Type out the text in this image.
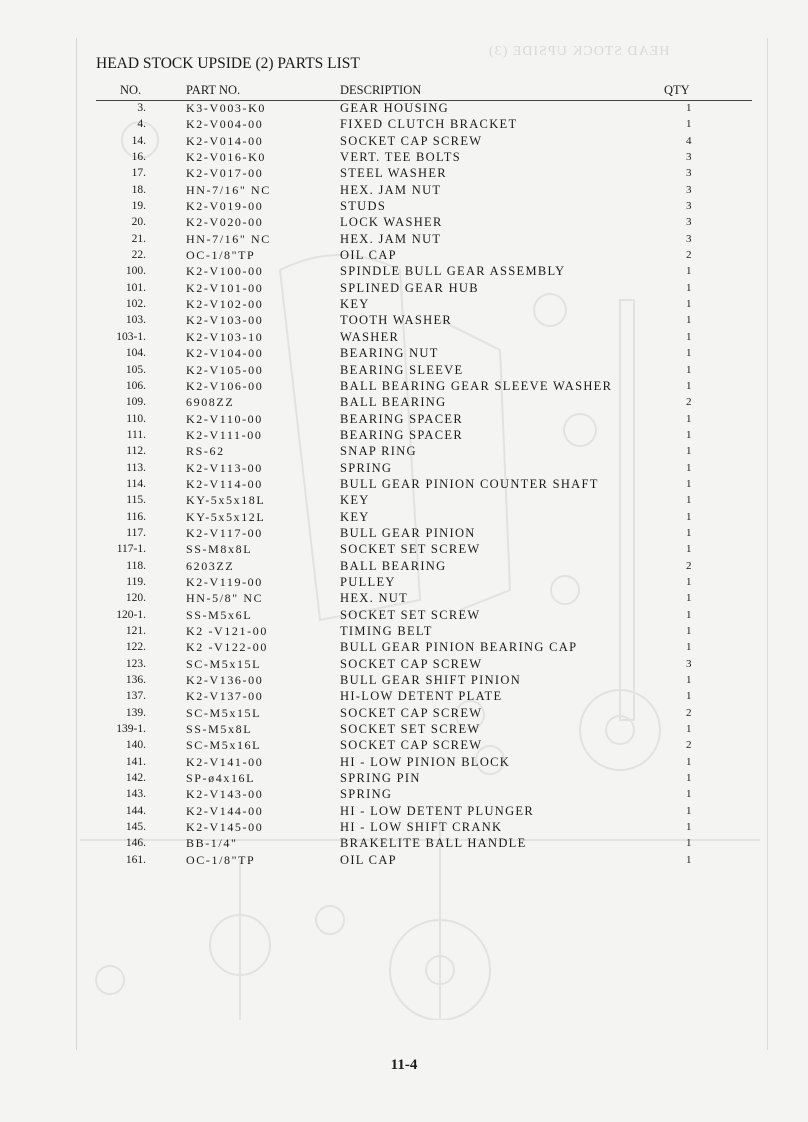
HEAD STOCK UPSIDE (3)
HEAD STOCK UPSIDE (2) PARTS LIST
NO.	PART NO.	DESCRIPTION	QTY
3.	K3-V003-K0	GEAR HOUSING	1
4.	K2-V004-00	FIXED CLUTCH BRACKET	1
14.	K2-V014-00	SOCKET CAP SCREW	4
16.	K2-V016-K0	VERT. TEE BOLTS	3
17.	K2-V017-00	STEEL WASHER	3
18.	HN-7/16" NC	HEX. JAM NUT	3
19.	K2-V019-00	STUDS	3
20.	K2-V020-00	LOCK WASHER	3
21.	HN-7/16" NC	HEX. JAM NUT	3
22.	OC-1/8"TP	OIL CAP	2
100.	K2-V100-00	SPINDLE BULL GEAR ASSEMBLY	1
101.	K2-V101-00	SPLINED GEAR HUB	1
102.	K2-V102-00	KEY	1
103.	K2-V103-00	TOOTH WASHER	1
103-1.	K2-V103-10	WASHER	1
104.	K2-V104-00	BEARING NUT	1
105.	K2-V105-00	BEARING SLEEVE	1
106.	K2-V106-00	BALL BEARING GEAR SLEEVE WASHER	1
109.	6908ZZ	BALL BEARING	2
110.	K2-V110-00	BEARING SPACER	1
111.	K2-V111-00	BEARING SPACER	1
112.	RS-62	SNAP RING	1
113.	K2-V113-00	SPRING	1
114.	K2-V114-00	BULL GEAR PINION COUNTER SHAFT	1
115.	KY-5x5x18L	KEY	1
116.	KY-5x5x12L	KEY	1
117.	K2-V117-00	BULL GEAR PINION	1
117-1.	SS-M8x8L	SOCKET SET SCREW	1
118.	6203ZZ	BALL BEARING	2
119.	K2-V119-00	PULLEY	1
120.	HN-5/8" NC	HEX. NUT	1
120-1.	SS-M5x6L	SOCKET SET SCREW	1
121.	K2 -V121-00	TIMING BELT	1
122.	K2 -V122-00	BULL GEAR PINION BEARING CAP	1
123.	SC-M5x15L	SOCKET CAP SCREW	3
136.	K2-V136-00	BULL GEAR SHIFT PINION	1
137.	K2-V137-00	HI-LOW DETENT PLATE	1
139.	SC-M5x15L	SOCKET CAP SCREW	2
139-1.	SS-M5x8L	SOCKET SET SCREW	1
140.	SC-M5x16L	SOCKET CAP SCREW	2
141.	K2-V141-00	HI - LOW PINION BLOCK	1
142.	SP-ø4x16L	SPRING PIN	1
143.	K2-V143-00	SPRING	1
144.	K2-V144-00	HI - LOW DETENT PLUNGER	1
145.	K2-V145-00	HI - LOW SHIFT CRANK	1
146.	BB-1/4"	BRAKELITE BALL HANDLE	1
161.	OC-1/8"TP	OIL CAP	1
11-4
